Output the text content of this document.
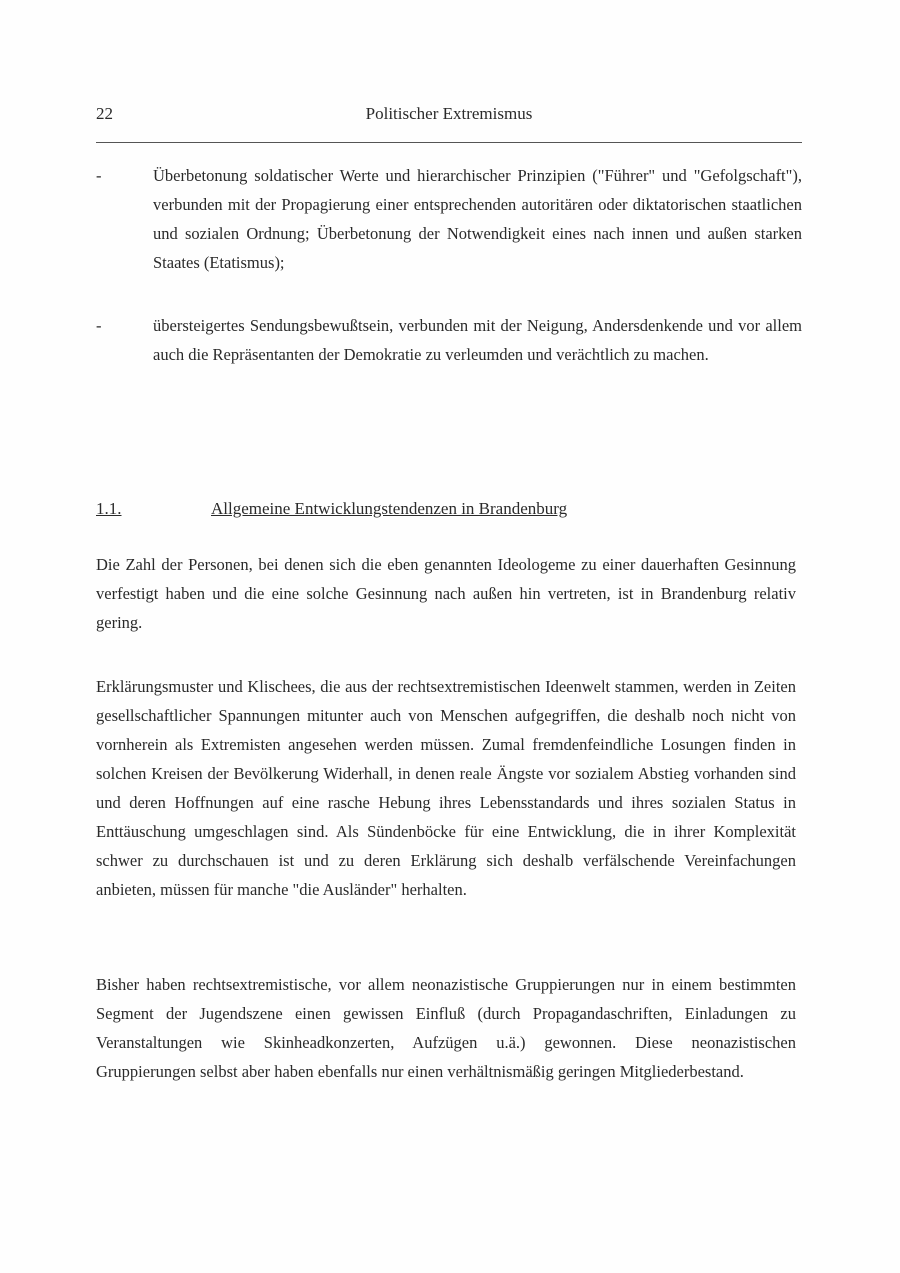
22	Politischer Extremismus
-	Überbetonung soldatischer Werte und hierarchischer Prinzipien ("Führer" und "Gefolgschaft"), verbunden mit der Propagierung einer entsprechenden autoritären oder diktatorischen staatlichen und sozialen Ordnung; Überbetonung der Notwendigkeit eines nach innen und außen starken Staates (Etatismus);
-	übersteigertes Sendungsbewußtsein, verbunden mit der Neigung, Andersdenkende und vor allem auch die Repräsentanten der Demokratie zu verleumden und verächtlich zu machen.
1.1.	Allgemeine Entwicklungstendenzen in Brandenburg

Die Zahl der Personen, bei denen sich die eben genannten Ideologeme zu einer dauerhaften Gesinnung verfestigt haben und die eine solche Gesinnung nach außen hin vertreten, ist in Brandenburg relativ gering.

Erklärungsmuster und Klischees, die aus der rechtsextremistischen Ideenwelt stammen, werden in Zeiten gesellschaftlicher Spannungen mitunter auch von Menschen aufgegriffen, die deshalb noch nicht von vornherein als Extremisten angesehen werden müssen. Zumal fremdenfeindliche Losungen finden in solchen Kreisen der Bevölkerung Widerhall, in denen reale Ängste vor sozialem Abstieg vorhanden sind und deren Hoffnungen auf eine rasche Hebung ihres Lebensstandards und ihres sozialen Status in Enttäuschung umgeschlagen sind. Als Sündenböcke für eine Entwicklung, die in ihrer Komplexität schwer zu durchschauen ist und zu deren Erklärung sich deshalb verfälschende Vereinfachungen anbieten, müssen für manche "die Ausländer" herhalten.

Bisher haben rechtsextremistische, vor allem neonazistische Gruppierungen nur in einem bestimmten Segment der Jugendszene einen gewissen Einfluß (durch Propagandaschriften, Einladungen zu Veranstaltungen wie Skinheadkonzerten, Aufzügen u.ä.) gewonnen. Diese neonazistischen Gruppierungen selbst aber haben ebenfalls nur einen verhältnismäßig geringen Mitgliederbestand.
